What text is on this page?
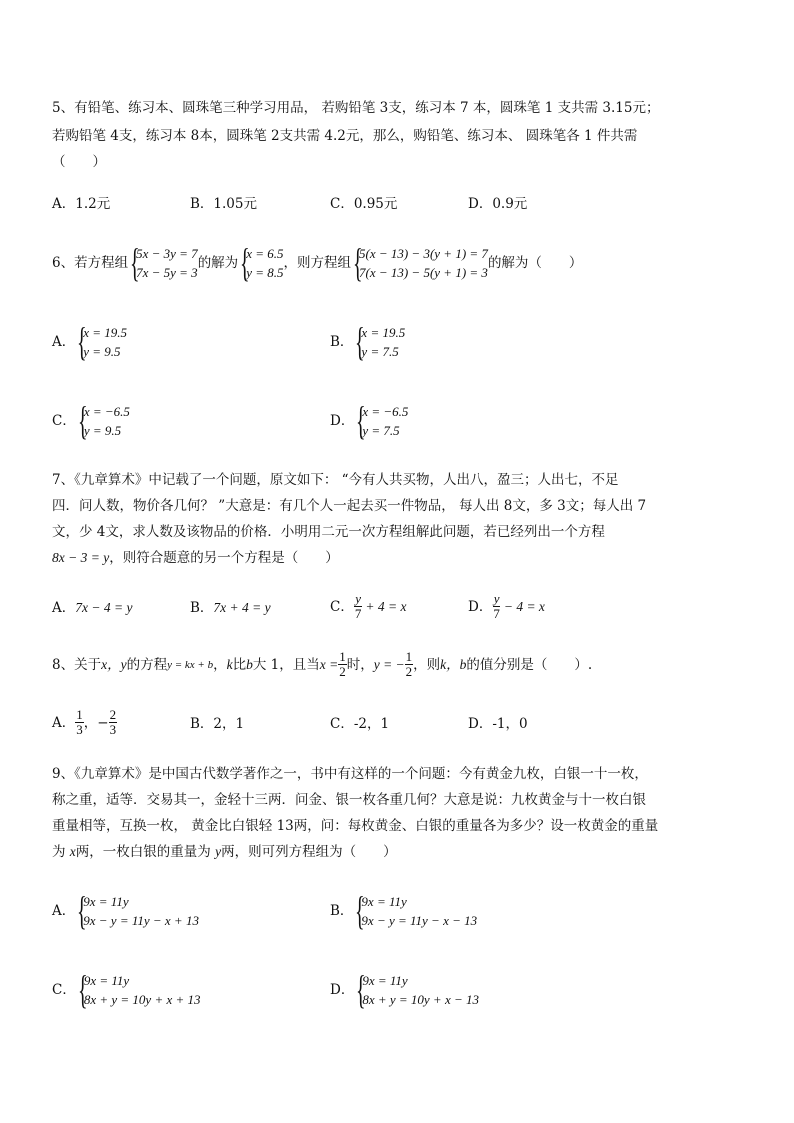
5、有铅笔、练习本、圆珠笔三种学习用品， 若购铅笔 3支，练习本 7 本，圆珠笔 1 支共需 3.15元；
若购铅笔 4支，练习本 8本，圆珠笔 2支共需 4.2元，那么，购铅笔、练习本、 圆珠笔各 1 件共需
（　　）
A．1.2元	B．1.05元	C．0.95元	D．0.9元
6、若方程组 {
5x − 3y = 7
7x − 5y = 3
的解为 {
x = 6.5
y = 8.5
，则方程组 {
5(x − 13) − 3(y + 1) = 7
7(x − 13) − 5(y + 1) = 3
的解为（　　）
A． {
x = 19.5
y = 9.5
B． {
x = 19.5
y = 7.5
C． {
x = −6.5
y = 9.5
D． {
x = −6.5
y = 7.5
7、《九章算术》中记载了一个问题，原文如下： “今有人共买物，人出八，盈三；人出七，不足
四．问人数，物价各几何？ ”大意是：有几个人一起去买一件物品， 每人出 8文，多 3文；每人出 7
文，少 4文，求人数及该物品的价格．小明用二元一次方程组解此问题，若已经列出一个方程
8x − 3 = y，则符合题意的另一个方程是（　　）
A．7x − 4 = y	B．7x + 4 = y	C． $\frac{y}{7} + 4 = x$	D． $\frac{y}{7} - 4 = x$
8、关于 x，y 的方程 y = kx + b ， k 比 b 大 1，且当 $x = \frac{1}{2}$ 时， y = − $\frac{1}{2}$ ，则 k，b 的值分别是（　　）.
A． $\frac{1}{3}$ ，− $\frac{2}{3}$	B．2，1	C．-2，1	D．-1，0
9、《九章算术》是中国古代数学著作之一，书中有这样的一个问题：今有黄金九枚，白银一十一枚，
称之重，适等．交易其一，金轻十三两．问金、银一枚各重几何？大意是说：九枚黄金与十一枚白银
重量相等，互换一枚， 黄金比白银轻 13两，问：每枚黄金、白银的重量各为多少？设一枚黄金的重量
为 x两，一枚白银的重量为 y两，则可列方程组为（　　）
A． {
9x = 11y
9x − y = 11y − x + 13
B． {
9x = 11y
9x − y = 11y − x − 13
C． {
9x = 11y
8x + y = 10y + x + 13
D． {
9x = 11y
8x + y = 10y + x − 13
